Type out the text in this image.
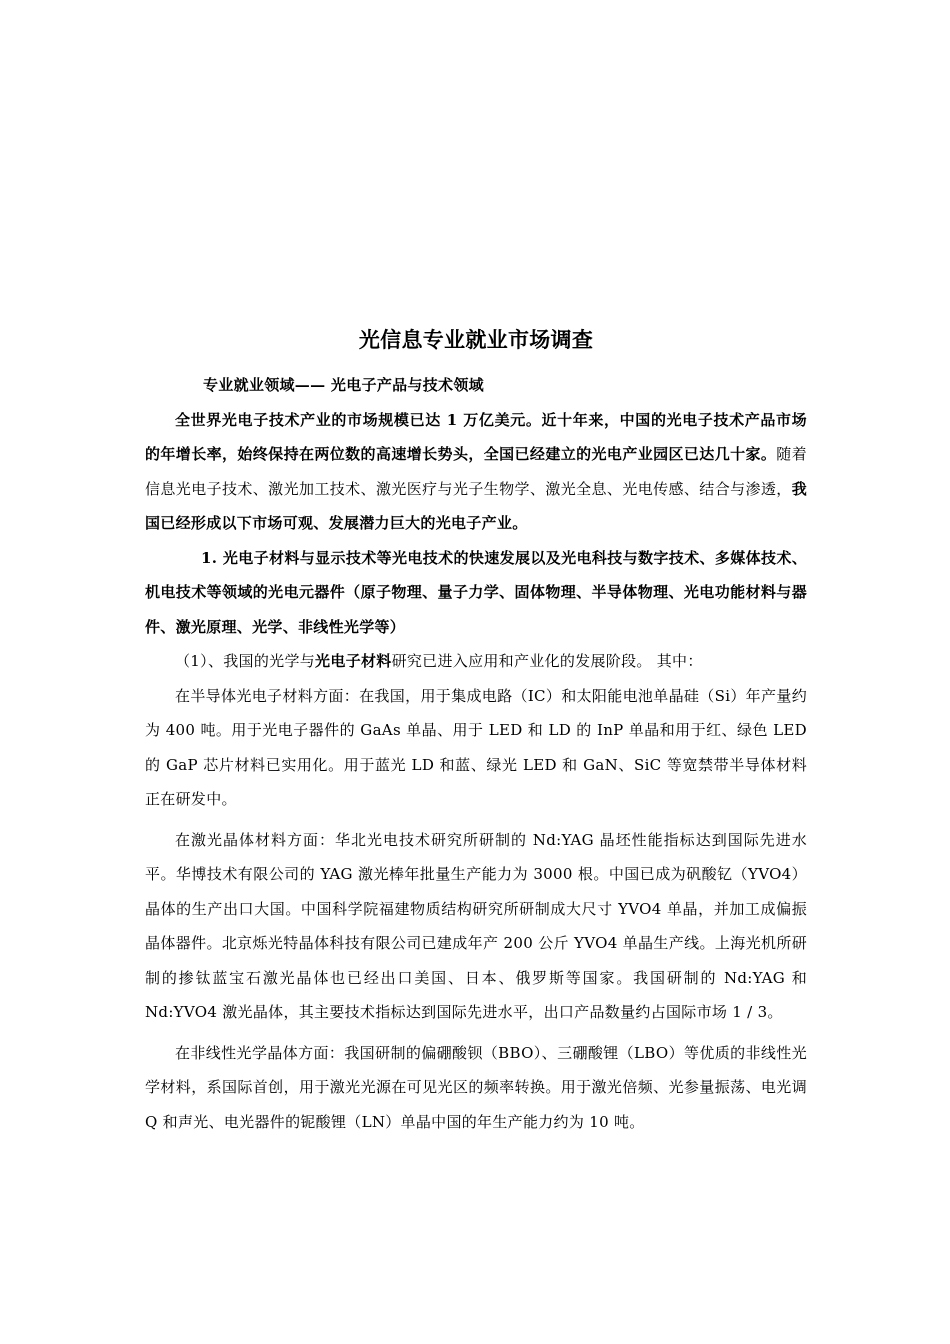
光信息专业就业市场调查

专业就业领域—— 光电子产品与技术领域

全世界光电子技术产业的市场规模已达 1 万亿美元。近十年来，中国的光电子技术产品市场的年增长率，始终保持在两位数的高速增长势头，全国已经建立的光电产业园区已达几十家。随着信息光电子技术、激光加工技术、激光医疗与光子生物学、激光全息、光电传感、结合与渗透，我国已经形成以下市场可观、发展潜力巨大的光电子产业。

1. 光电子材料与显示技术等光电技术的快速发展以及光电科技与数字技术、多媒体技术、机电技术等领域的光电元器件（原子物理、量子力学、固体物理、半导体物理、光电功能材料与器件、激光原理、光学、非线性光学等）

（1）、我国的光学与光电子材料研究已进入应用和产业化的发展阶段。 其中：

在半导体光电子材料方面：在我国，用于集成电路（IC）和太阳能电池单晶硅（Si）年产量约为 400 吨。用于光电子器件的 GaAs 单晶、用于 LED 和 LD 的 InP 单晶和用于红、绿色 LED 的 GaP 芯片材料已实用化。用于蓝光 LD 和蓝、绿光 LED 和 GaN、SiC 等宽禁带半导体材料正在研发中。

在激光晶体材料方面：华北光电技术研究所研制的 Nd:YAG 晶坯性能指标达到国际先进水平。华博技术有限公司的 YAG 激光棒年批量生产能力为 3000 根。中国已成为矾酸钇（YVO4）晶体的生产出口大国。中国科学院福建物质结构研究所研制成大尺寸 YVO4 单晶，并加工成偏振晶体器件。北京烁光特晶体科技有限公司已建成年产 200 公斤 YVO4 单晶生产线。上海光机所研制的掺钛蓝宝石激光晶体也已经出口美国、日本、俄罗斯等国家。我国研制的 Nd:YAG 和 Nd:YVO4 激光晶体，其主要技术指标达到国际先进水平，出口产品数量约占国际市场 1 / 3。

在非线性光学晶体方面：我国研制的偏硼酸钡（BBO）、三硼酸锂（LBO）等优质的非线性光学材料，系国际首创，用于激光光源在可见光区的频率转换。用于激光倍频、光参量振荡、电光调 Q 和声光、电光器件的铌酸锂（LN）单晶中国的年生产能力约为 10 吨。
